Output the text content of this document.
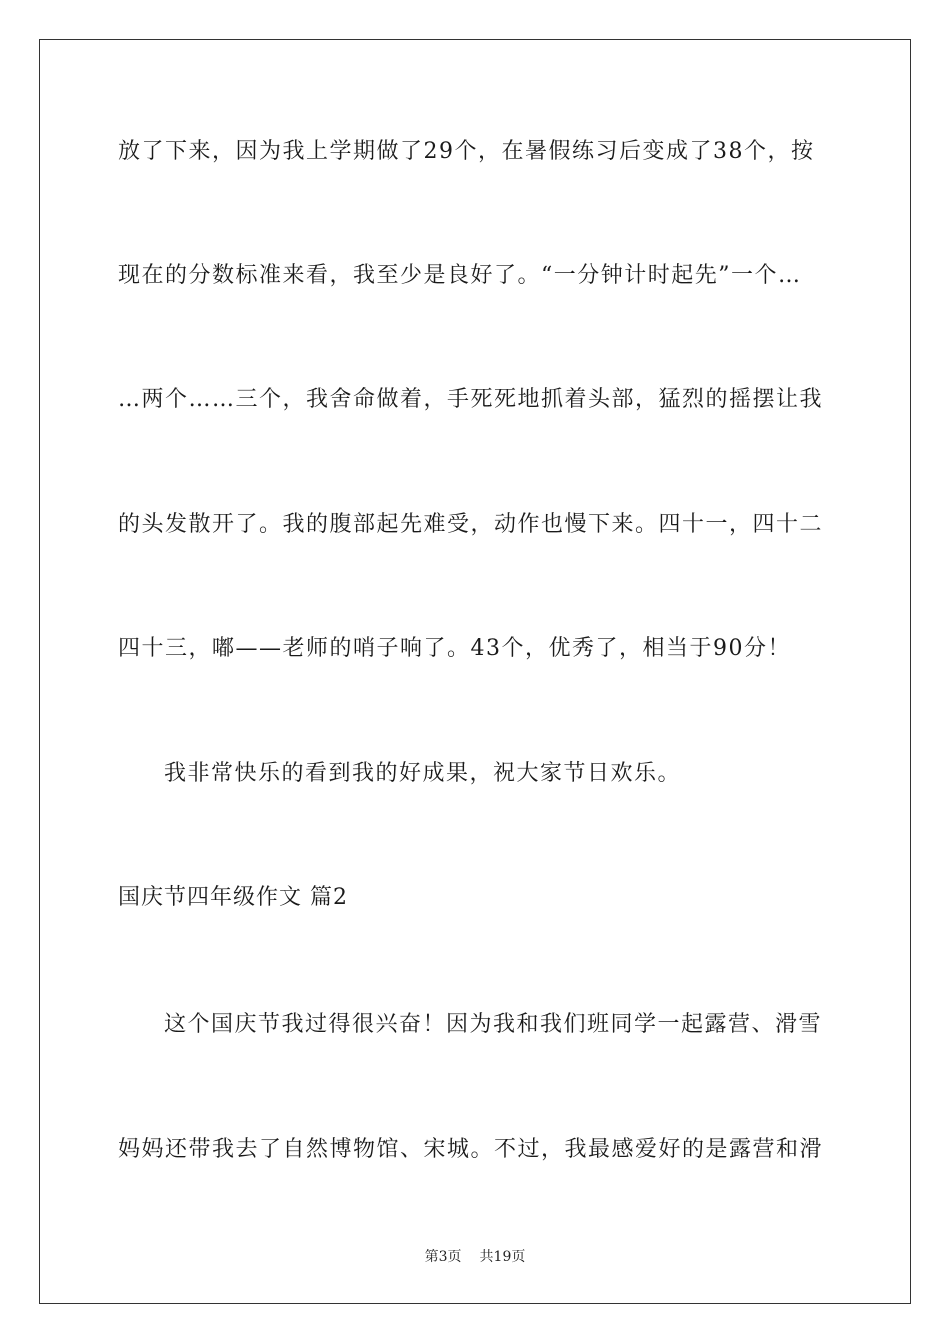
放了下来，因为我上学期做了29个，在暑假练习后变成了38个，按
现在的分数标准来看，我至少是良好了。“一分钟计时起先”一个…
…两个……三个，我舍命做着，手死死地抓着头部，猛烈的摇摆让我
的头发散开了。我的腹部起先难受，动作也慢下来。四十一，四十二
四十三，嘟——老师的哨子响了。43个，优秀了，相当于90分！
我非常快乐的看到我的好成果，祝大家节日欢乐。
国庆节四年级作文 篇2
这个国庆节我过得很兴奋！因为我和我们班同学一起露营、滑雪
妈妈还带我去了自然博物馆、宋城。不过，我最感爱好的是露营和滑
第3页 共19页
